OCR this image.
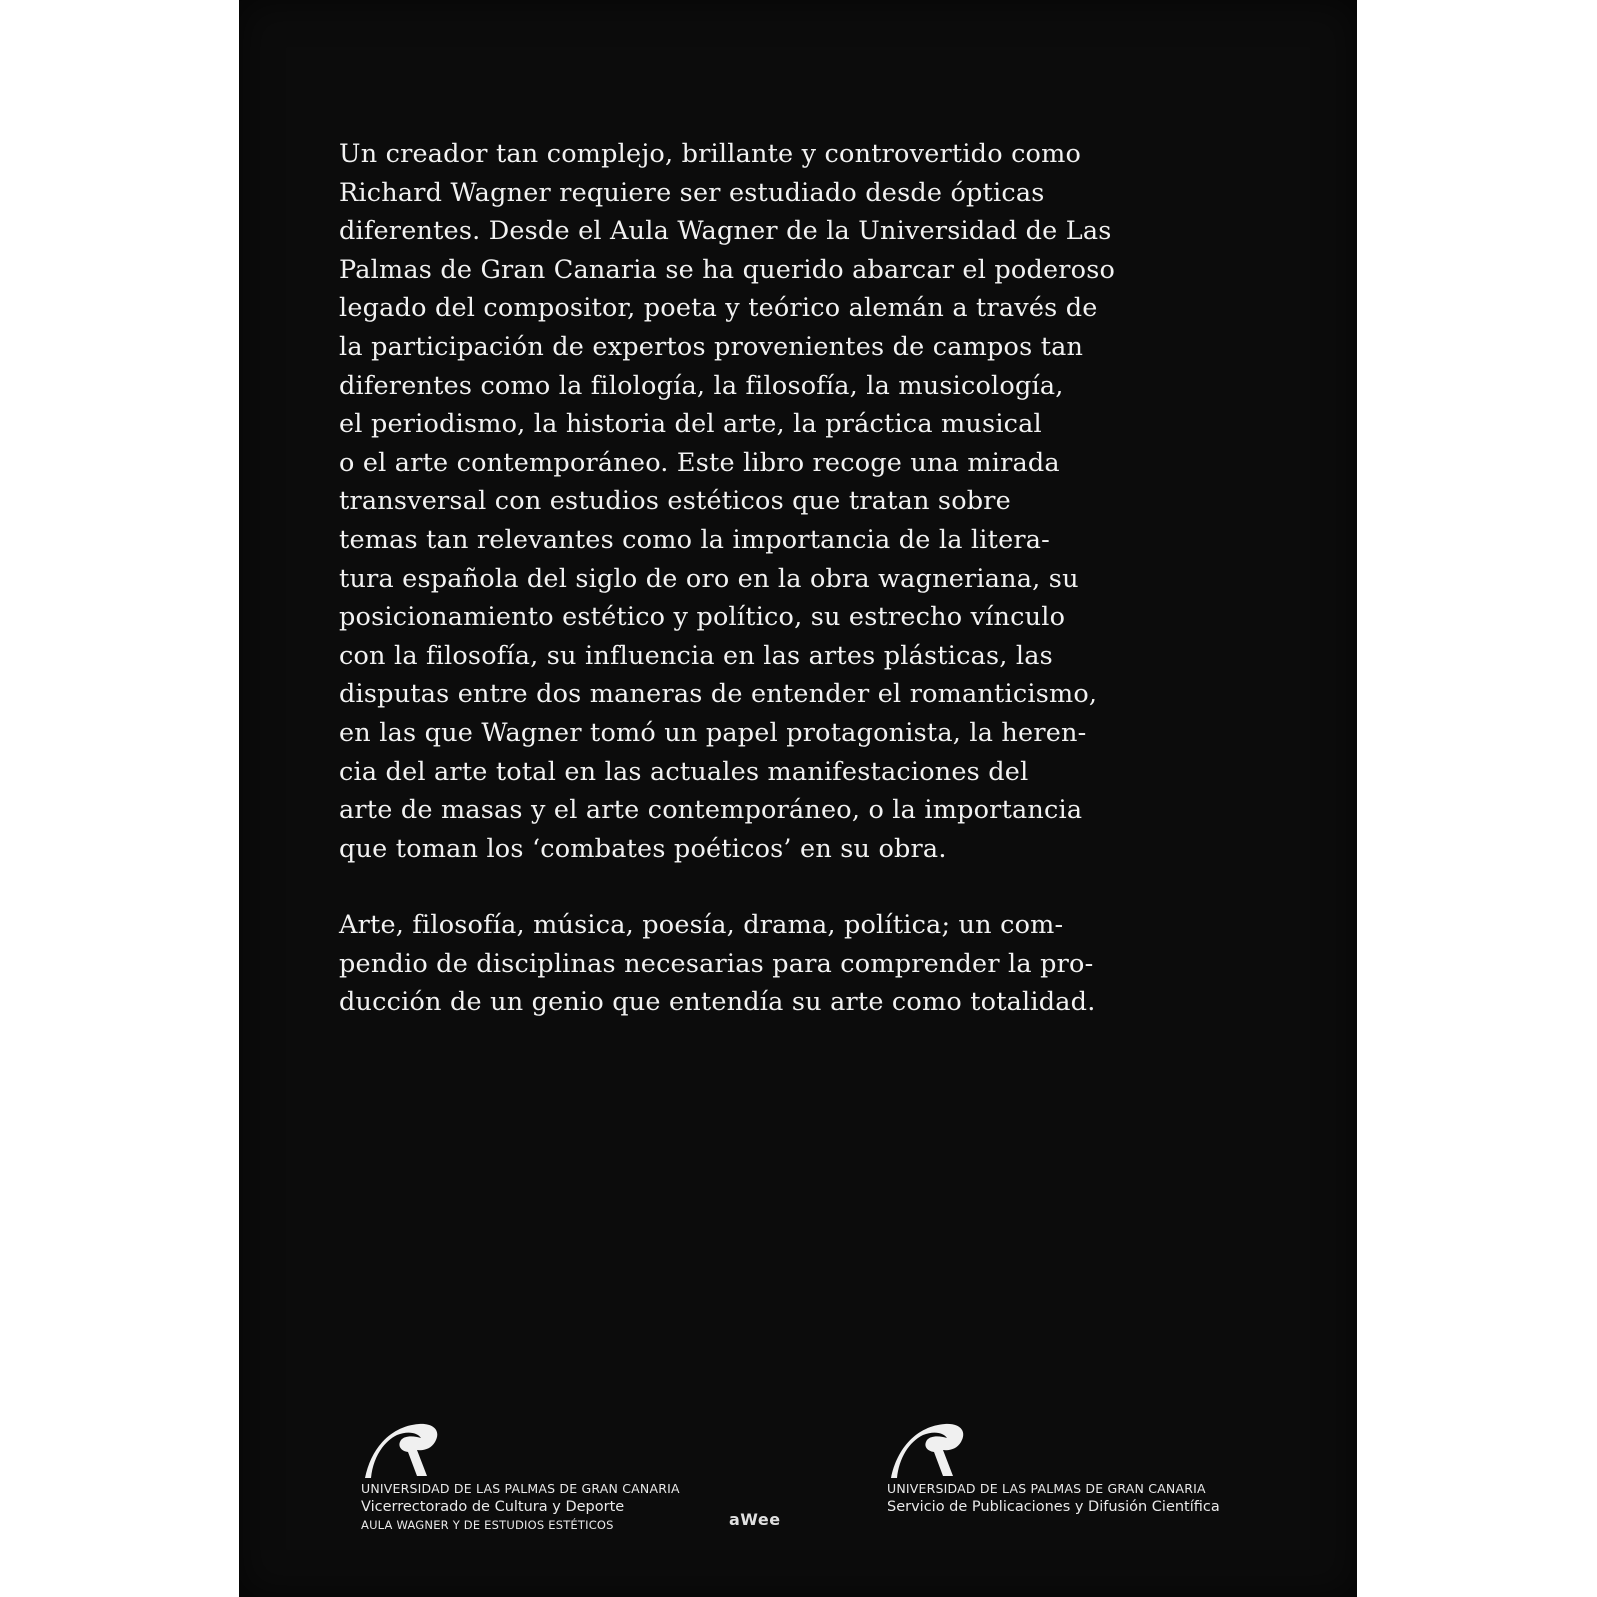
Un creador tan complejo, brillante y controvertido como
Richard Wagner requiere ser estudiado desde ópticas
diferentes. Desde el Aula Wagner de la Universidad de Las
Palmas de Gran Canaria se ha querido abarcar el poderoso
legado del compositor, poeta y teórico alemán a través de
la participación de expertos provenientes de campos tan
diferentes como la filología, la filosofía, la musicología,
el periodismo, la historia del arte, la práctica musical
o el arte contemporáneo. Este libro recoge una mirada
transversal con estudios estéticos que tratan sobre
temas tan relevantes como la importancia de la litera-
tura española del siglo de oro en la obra wagneriana, su
posicionamiento estético y político, su estrecho vínculo
con la filosofía, su influencia en las artes plásticas, las
disputas entre dos maneras de entender el romanticismo,
en las que Wagner tomó un papel protagonista, la heren-
cia del arte total en las actuales manifestaciones del
arte de masas y el arte contemporáneo, o la importancia
que toman los ‘combates poéticos’ en su obra.
Arte, filosofía, música, poesía, drama, política; un com-
pendio de disciplinas necesarias para comprender la pro-
ducción de un genio que entendía su arte como totalidad.
UNIVERSIDAD DE LAS PALMAS DE GRAN CANARIA
Vicerrectorado de Cultura y Deporte
AULA WAGNER Y DE ESTUDIOS ESTÉTICOS	aWee
UNIVERSIDAD DE LAS PALMAS DE GRAN CANARIA
Servicio de Publicaciones y Difusión Científica
